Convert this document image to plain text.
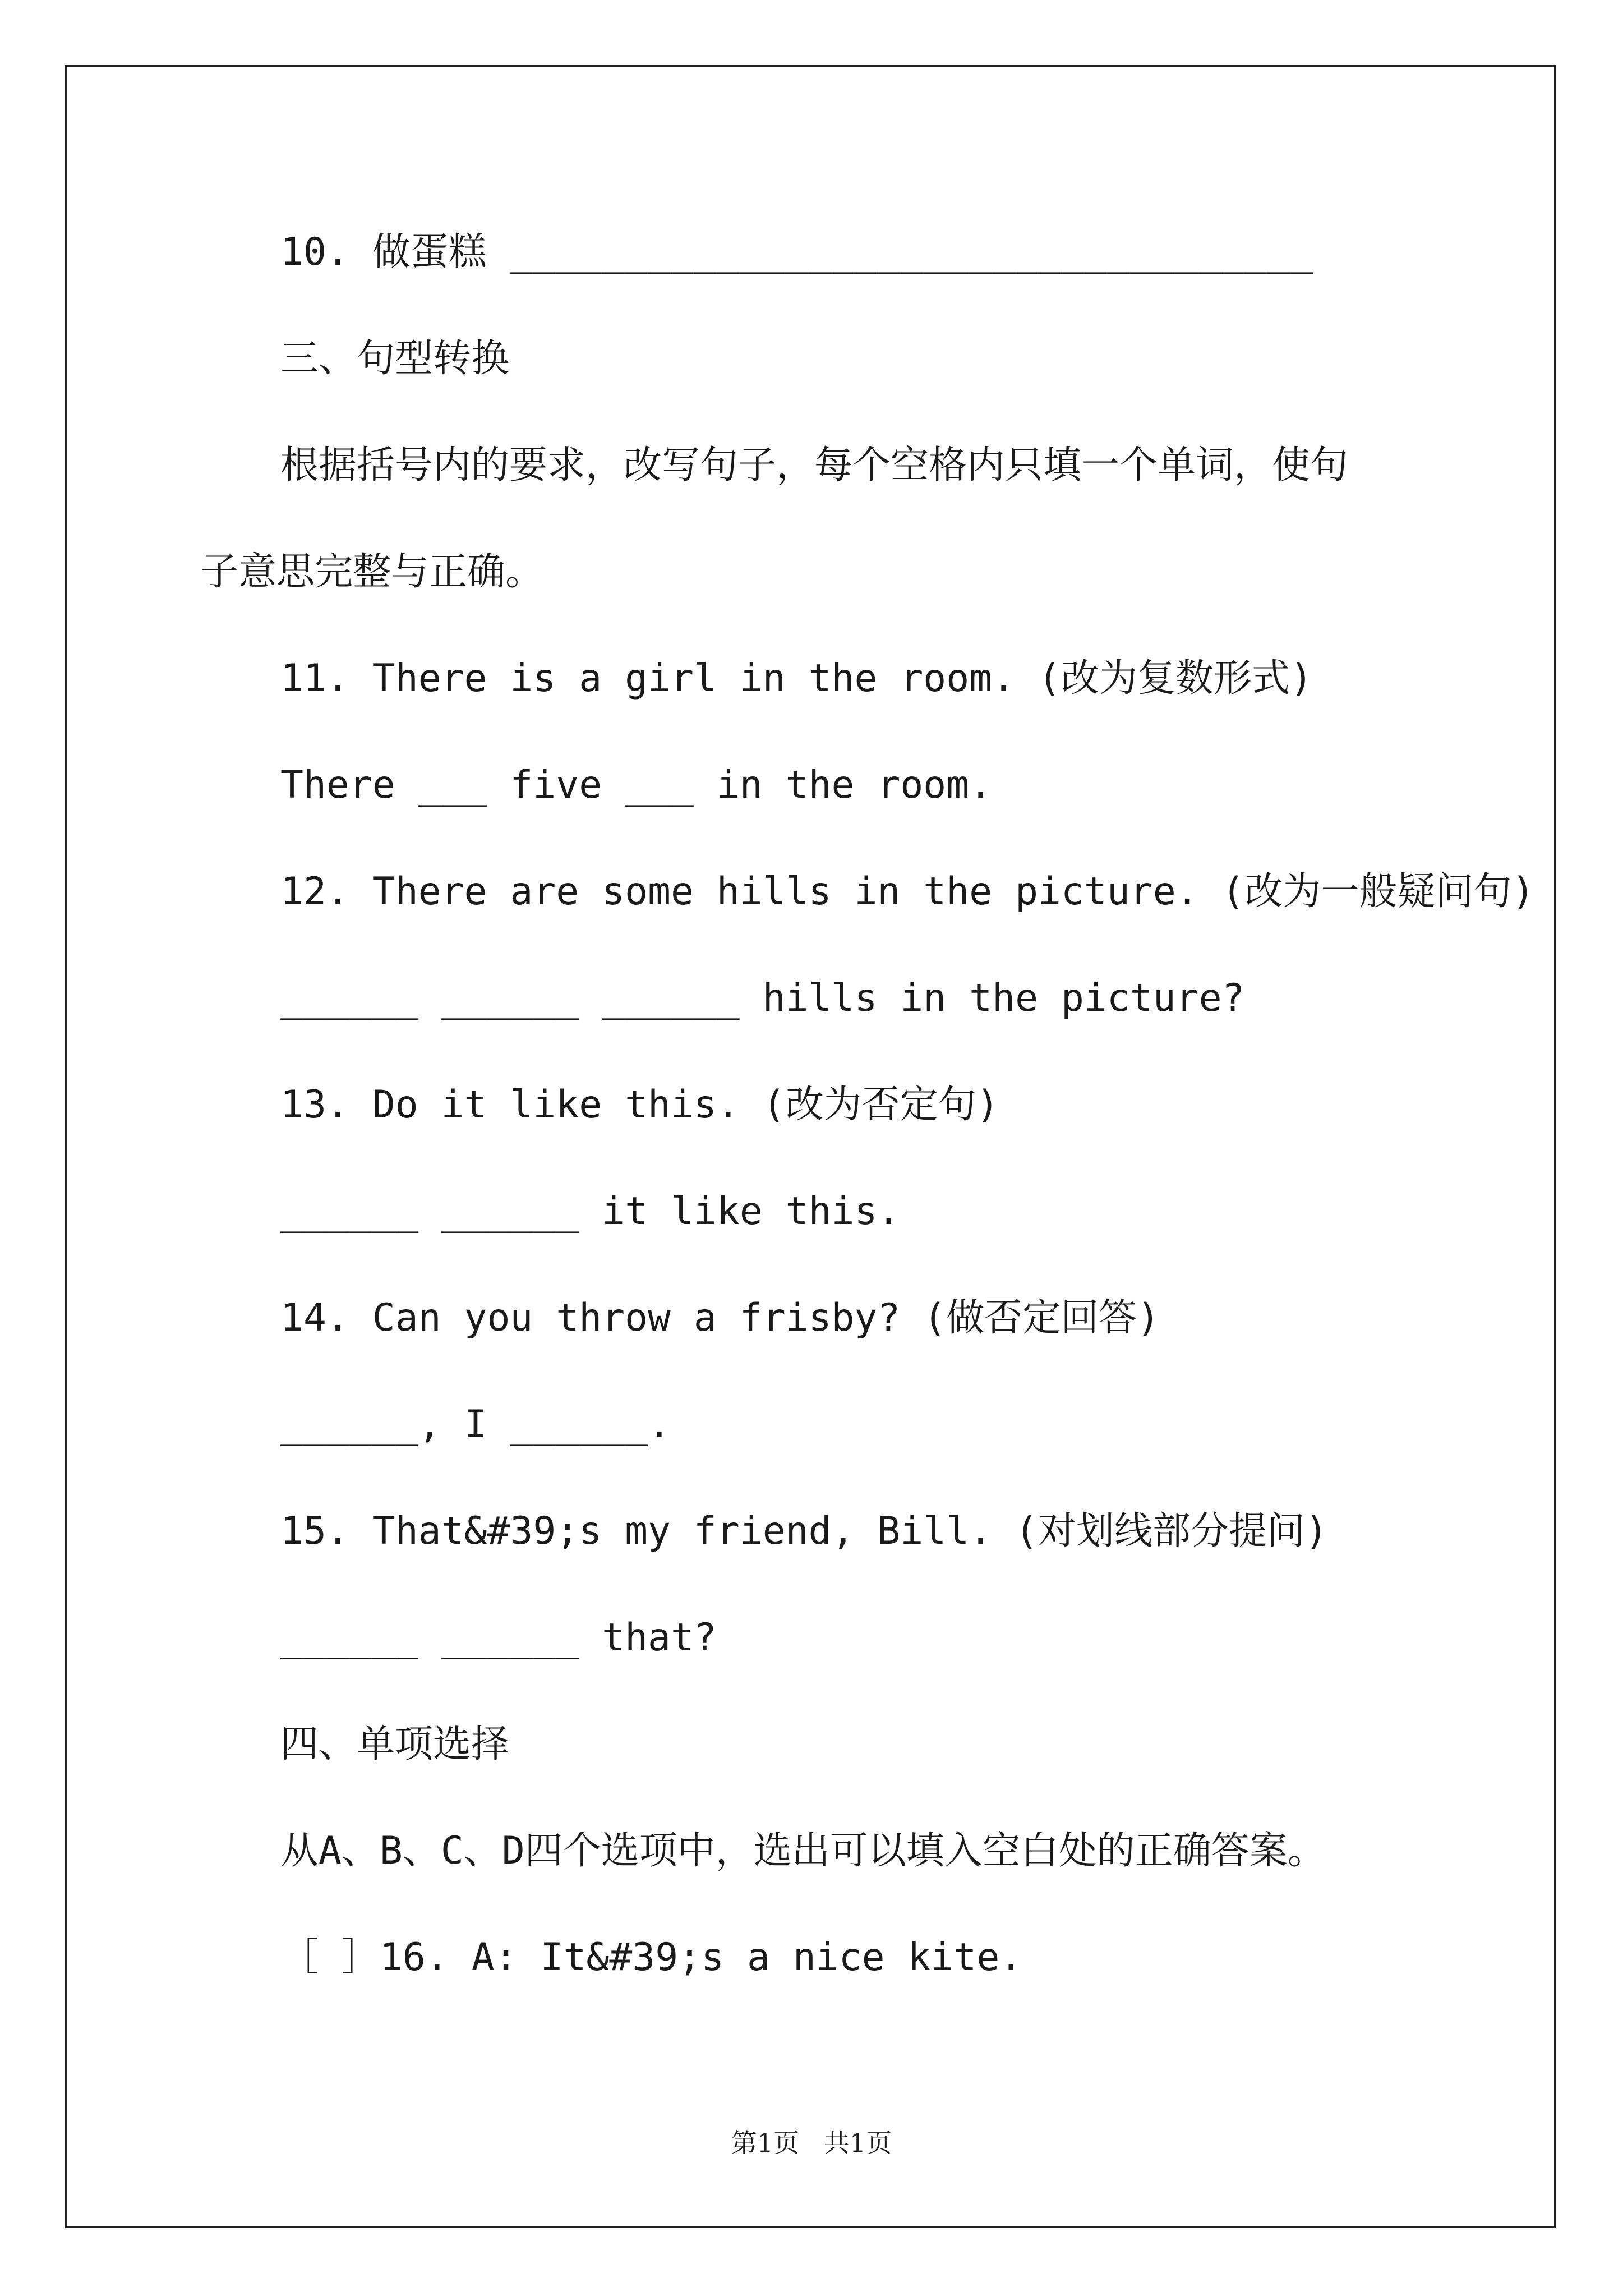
10. 做蛋糕 ___________________________________
三、句型转换
根据括号内的要求，改写句子，每个空格内只填一个单词，使句
子意思完整与正确。
11. There is a girl in the room. (改为复数形式)
There ___ five ___ in the room.
12. There are some hills in the picture. (改为一般疑问句)
______ ______ ______ hills in the picture?
13. Do it like this. (改为否定句)
______ ______ it like this.
14. Can you throw a frisby? (做否定回答)
______, I ______.
15. That&#39;s my friend, Bill. (对划线部分提问)
______ ______ that?
四、单项选择
从A、B、C、D四个选项中，选出可以填入空白处的正确答案。
［ ］16. A: It&#39;s a nice kite.
第1页   共1页
